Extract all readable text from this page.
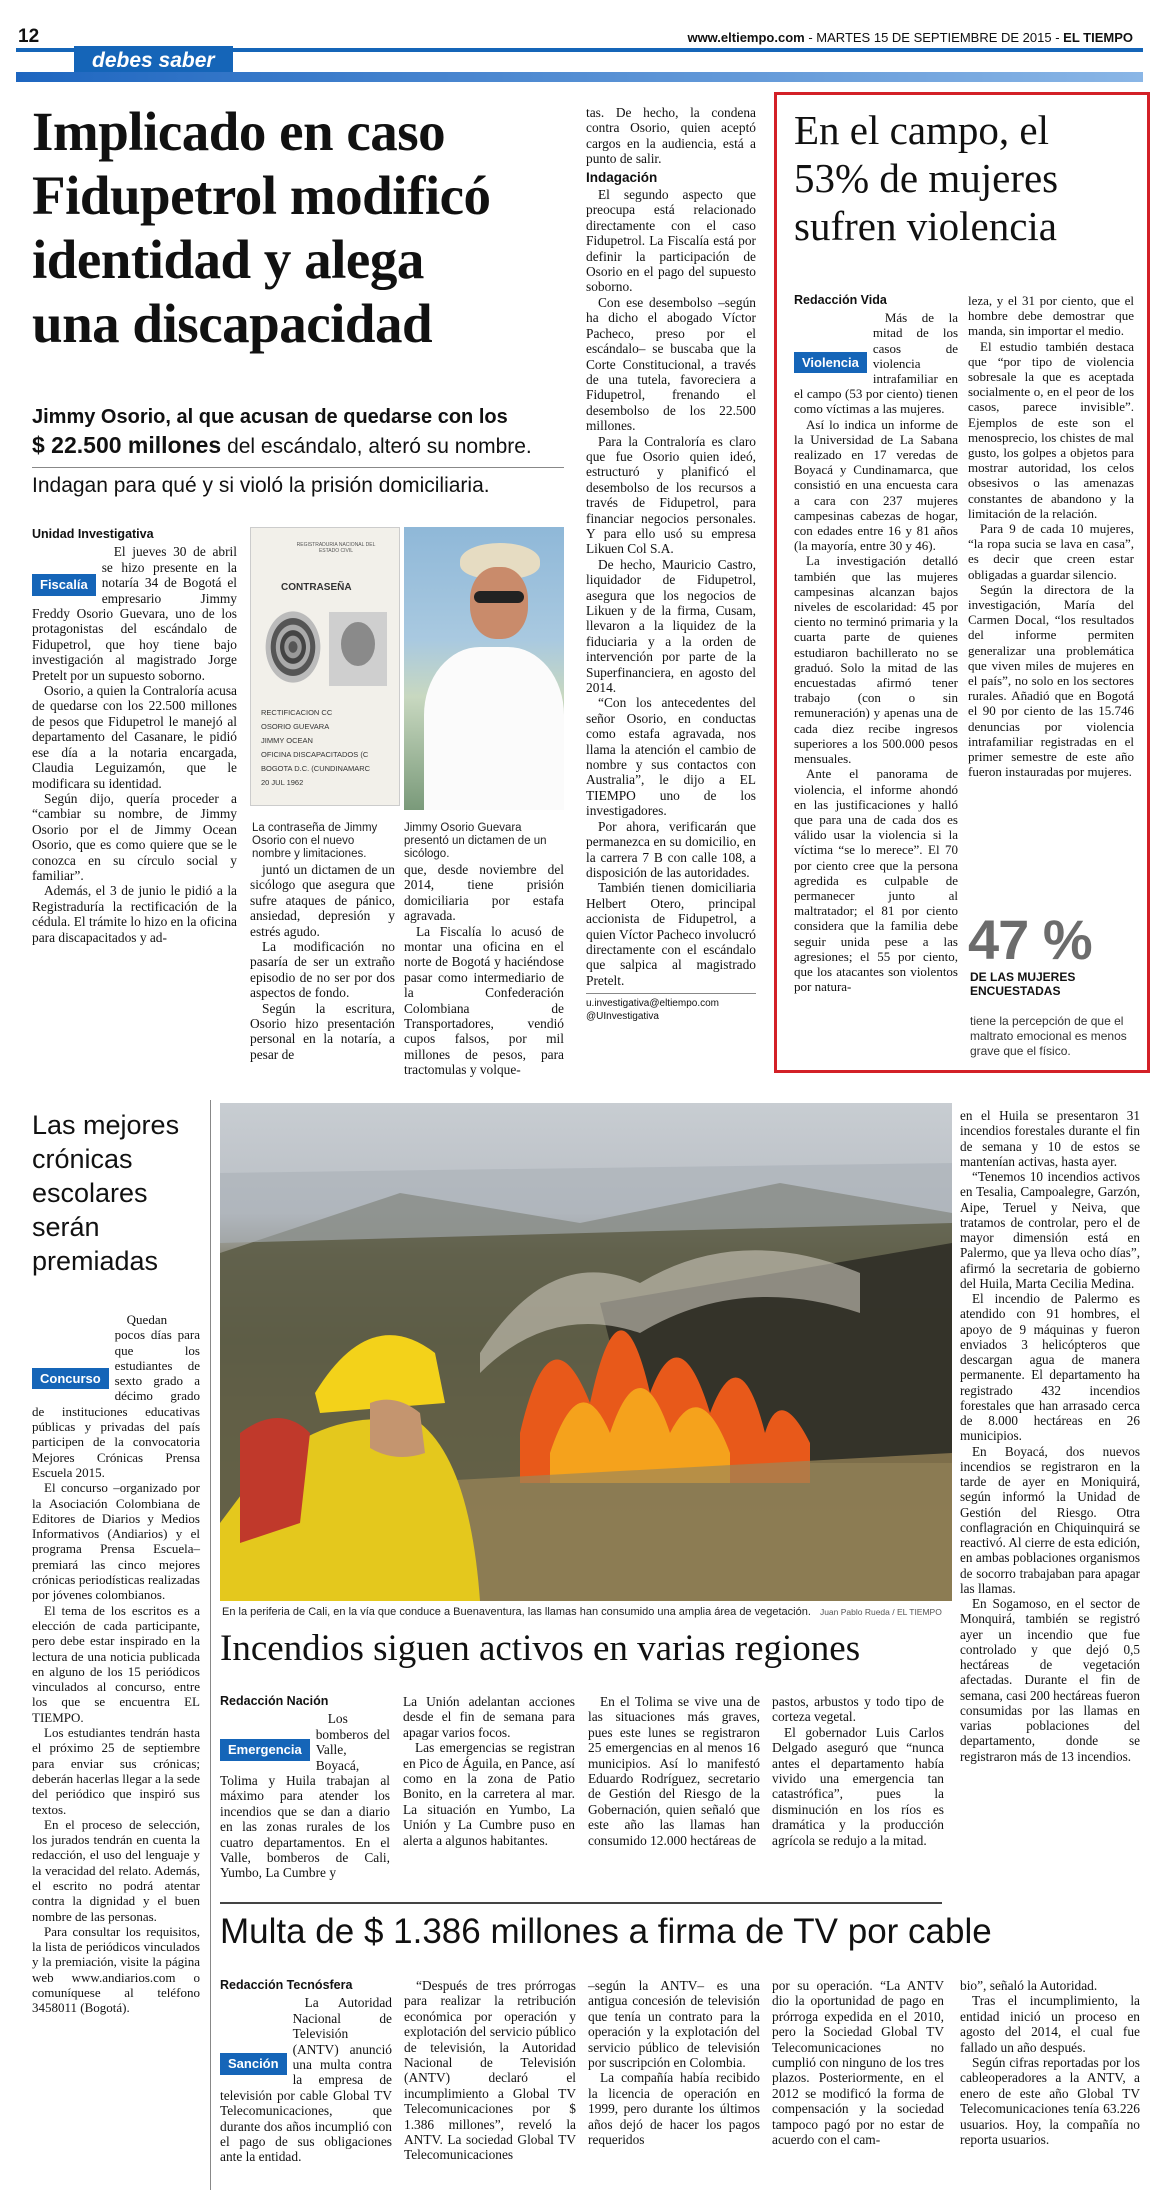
12	www.eltiempo.com - MARTES 15 DE SEPTIEMBRE DE 2015 - EL TIEMPO
debes saber
Implicado en caso
Fidupetrol modificó
identidad y alega
una discapacidad
Jimmy Osorio, al que acusan de quedarse con los
$ 22.500 millones del escándalo, alteró su nombre.
Indagan para qué y si violó la prisión domiciliaria.
Unidad Investigativa
Fiscalía

El jueves 30 de abril se hizo presente en la notaría 34 de Bogotá el empresario Jimmy Freddy Osorio Guevara, uno de los protagonistas del escándalo de Fidupetrol, que hoy tiene bajo investigación al magistrado Jorge Pretelt por un supuesto soborno.

Osorio, a quien la Contraloría acusa de quedarse con los 22.500 millones de pesos que Fidupetrol le manejó al departamento del Casanare, le pidió ese día a la notaria encargada, Claudia Leguizamón, que le modificara su identidad.

Según dijo, quería proceder a “cambiar su nombre, de Jimmy Osorio por el de Jimmy Ocean Osorio, que es como quiere que se le conozca en su círculo social y familiar”.

Además, el 3 de junio le pidió a la Registraduría la rectificación de la cédula. El trámite lo hizo en la oficina para discapacitados y ad-

REGISTRADURIA NACIONAL DEL ESTADO CIVIL
CONTRASEÑA
RECTIFICACION CC
OSORIO GUEVARA
JIMMY OCEAN
OFICINA DISCAPACITADOS (C
BOGOTA D.C. (CUNDINAMARC
20 JUL 1962
La contraseña de Jimmy Osorio con el nuevo nombre y limitaciones.
Jimmy Osorio Guevara presentó un dictamen de un sicólogo.

juntó un dictamen de un sicólogo que asegura que sufre ataques de pánico, ansiedad, depresión y estrés agudo.

La modificación no pasaría de ser un extraño episodio de no ser por dos aspectos de fondo.

Según la escritura, Osorio hizo presentación personal en la notaría, a pesar de

que, desde noviembre del 2014, tiene prisión domiciliaria por estafa agravada.

La Fiscalía lo acusó de montar una oficina en el norte de Bogotá y haciéndose pasar como intermediario de la Confederación Colombiana de Transportadores, vendió cupos falsos, por mil millones de pesos, para tractomulas y volque-

tas. De hecho, la condena contra Osorio, quien aceptó cargos en la audiencia, está a punto de salir.

Indagación

El segundo aspecto que preocupa está relacionado directamente con el caso Fidupetrol. La Fiscalía está por definir la participación de Osorio en el pago del supuesto soborno.

Con ese desembolso –según ha dicho el abogado Víctor Pacheco, preso por el escándalo– se buscaba que la Corte Constitucional, a través de una tutela, favoreciera a Fidupetrol, frenando el desembolso de los 22.500 millones.

Para la Contraloría es claro que fue Osorio quien ideó, estructuró y planificó el desembolso de los recursos a través de Fidupetrol, para financiar negocios personales. Y para ello usó su empresa Likuen Col S.A.

De hecho, Mauricio Castro, liquidador de Fidupetrol, asegura que los negocios de Likuen y de la firma, Cusam, llevaron a la liquidez de la fiduciaria y a la orden de intervención por parte de la Superfinanciera, en agosto del 2014.

“Con los antecedentes del señor Osorio, en conductas como estafa agravada, nos llama la atención el cambio de nombre y sus contactos con Australia”, le dijo a EL TIEMPO uno de los investigadores.

Por ahora, verificarán que permanezca en su domicilio, en la carrera 7 B con calle 108, a disposición de las autoridades.

También tienen domiciliaria Helbert Otero, principal accionista de Fidupetrol, a quien Víctor Pacheco involucró directamente con el escándalo que salpica al magistrado Pretelt.

u.investigativa@eltiempo.com
@UInvestigativa
En el campo, el
53% de mujeres
sufren violencia
Redacción Vida
Violencia

Más de la mitad de los casos de violencia intrafamiliar en el campo (53 por ciento) tienen como víctimas a las mujeres.

Así lo indica un informe de la Universidad de La Sabana realizado en 17 veredas de Boyacá y Cundinamarca, que consistió en una encuesta cara a cara con 237 mujeres campesinas cabezas de hogar, con edades entre 16 y 81 años (la mayoría, entre 30 y 46).

La investigación detalló también que las mujeres campesinas alcanzan bajos niveles de escolaridad: 45 por ciento no terminó primaria y la cuarta parte de quienes estudiaron bachillerato no se graduó. Solo la mitad de las encuestadas afirmó tener trabajo (con o sin remuneración) y apenas una de cada diez recibe ingresos superiores a los 500.000 pesos mensuales.

Ante el panorama de violencia, el informe ahondó en las justificaciones y halló que para una de cada dos es válido usar la violencia si la víctima “se lo merece”. El 70 por ciento cree que la persona agredida es culpable de permanecer junto al maltratador; el 81 por ciento considera que la familia debe seguir unida pese a las agresiones; el 55 por ciento, que los atacantes son violentos por natura-

leza, y el 31 por ciento, que el hombre debe demostrar que manda, sin importar el medio.

El estudio también destaca que “por tipo de violencia sobresale la que es aceptada socialmente o, en el peor de los casos, parece invisible”. Ejemplos de este son el menosprecio, los chistes de mal gusto, los golpes a objetos para mostrar autoridad, los celos obsesivos o las amenazas constantes de abandono y la limitación de la relación.

Para 9 de cada 10 mujeres, “la ropa sucia se lava en casa”, es decir que creen estar obligadas a guardar silencio.

Según la directora de la investigación, María del Carmen Docal, “los resultados del informe permiten generalizar una problemática que viven miles de mujeres en el país”, no solo en los sectores rurales. Añadió que en Bogotá el 90 por ciento de las 15.746 denuncias por violencia intrafamiliar registradas en el primer semestre de este año fueron instauradas por mujeres.

47 %
DE LAS MUJERES ENCUESTADAS
tiene la percepción de que el maltrato emocional es menos grave que el físico.
Las mejores crónicas escolares serán premiadas
Concurso

Quedan pocos días para que los estudiantes de sexto grado a décimo grado de instituciones educativas públicas y privadas del país participen de la convocatoria Mejores Crónicas Prensa Escuela 2015.

El concurso –organizado por la Asociación Colombiana de Editores de Diarios y Medios Informativos (Andiarios) y el programa Prensa Escuela– premiará las cinco mejores crónicas periodísticas realizadas por jóvenes colombianos.

El tema de los escritos es a elección de cada participante, pero debe estar inspirado en la lectura de una noticia publicada en alguno de los 15 periódicos vinculados al concurso, entre los que se encuentra EL TIEMPO.

Los estudiantes tendrán hasta el próximo 25 de septiembre para enviar sus crónicas; deberán hacerlas llegar a la sede del periódico que inspiró sus textos.

En el proceso de selección, los jurados tendrán en cuenta la redacción, el uso del lenguaje y la veracidad del relato. Además, el escrito no podrá atentar contra la dignidad y el buen nombre de las personas.

Para consultar los requisitos, la lista de periódicos vinculados y la premiación, visite la página web www.andiarios.com o comuníquese al teléfono 3458011 (Bogotá).

En la periferia de Cali, en la vía que conduce a Buenaventura, las llamas han consumido una amplia área de vegetación. Juan Pablo Rueda / EL TIEMPO
Incendios siguen activos en varias regiones
Redacción Nación
Emergencia

Los bomberos del Valle, Boyacá, Tolima y Huila trabajan al máximo para atender los incendios que se dan a diario en las zonas rurales de los cuatro departamentos. En el Valle, bomberos de Cali, Yumbo, La Cumbre y

La Unión adelantan acciones desde el fin de semana para apagar varios focos.

Las emergencias se registran en Pico de Águila, en Pance, así como en la zona de Patio Bonito, en la carretera al mar. La situación en Yumbo, La Unión y La Cumbre puso en alerta a algunos habitantes.

En el Tolima se vive una de las situaciones más graves, pues este lunes se registraron 25 emergencias en al menos 16 municipios. Así lo manifestó Eduardo Rodríguez, secretario de Gestión del Riesgo de la Gobernación, quien señaló que este año las llamas han consumido 12.000 hectáreas de

pastos, arbustos y todo tipo de corteza vegetal.

El gobernador Luis Carlos Delgado aseguró que “nunca antes el departamento había vivido una emergencia tan catastrófica”, pues la disminución en los ríos es dramática y la producción agrícola se redujo a la mitad.

en el Huila se presentaron 31 incendios forestales durante el fin de semana y 10 de estos se mantenían activas, hasta ayer.

“Tenemos 10 incendios activos en Tesalia, Campoalegre, Garzón, Aipe, Teruel y Neiva, que tratamos de controlar, pero el de mayor dimensión está en Palermo, que ya lleva ocho días”, afirmó la secretaria de gobierno del Huila, Marta Cecilia Medina.

El incendio de Palermo es atendido con 91 hombres, el apoyo de 9 máquinas y fueron enviados 3 helicópteros que descargan agua de manera permanente. El departamento ha registrado 432 incendios forestales que han arrasado cerca de 8.000 hectáreas en 26 municipios.

En Boyacá, dos nuevos incendios se registraron en la tarde de ayer en Moniquirá, según informó la Unidad de Gestión del Riesgo. Otra conflagración en Chiquinquirá se reactivó. Al cierre de esta edición, en ambas poblaciones organismos de socorro trabajaban para apagar las llamas.

En Sogamoso, en el sector de Monquirá, también se registró ayer un incendio que fue controlado y que dejó 0,5 hectáreas de vegetación afectadas. Durante el fin de semana, casi 200 hectáreas fueron consumidas por las llamas en varias poblaciones del departamento, donde se registraron más de 13 incendios.

Multa de $ 1.386 millones a firma de TV por cable
Redacción Tecnósfera
Sanción

La Autoridad Nacional de Televisión (ANTV) anunció una multa contra la empresa de televisión por cable Global TV Telecomunicaciones, que durante dos años incumplió con el pago de sus obligaciones ante la entidad.

“Después de tres prórrogas para realizar la retribución económica por operación y explotación del servicio público de televisión, la Autoridad Nacional de Televisión (ANTV) declaró el incumplimiento a Global TV Telecomunicaciones por $ 1.386 millones”, reveló la ANTV. La sociedad Global TV Telecomunicaciones

–según la ANTV– es una antigua concesión de televisión que tenía un contrato para la operación y la explotación del servicio público de televisión por suscripción en Colombia.

La compañía había recibido la licencia de operación en 1999, pero durante los últimos años dejó de hacer los pagos requeridos

por su operación. “La ANTV dio la oportunidad de pago en prórroga expedida en el 2010, pero la Sociedad Global TV Telecomunicaciones no cumplió con ninguno de los tres plazos. Posteriormente, en el 2012 se modificó la forma de compensación y la sociedad tampoco pagó por no estar de acuerdo con el cam-

bio”, señaló la Autoridad.

Tras el incumplimiento, la entidad inició un proceso en agosto del 2014, el cual fue fallado un año después.

Según cifras reportadas por los cableoperadores a la ANTV, a enero de este año Global TV Telecomunicaciones tenía 63.226 usuarios. Hoy, la compañía no reporta usuarios.
